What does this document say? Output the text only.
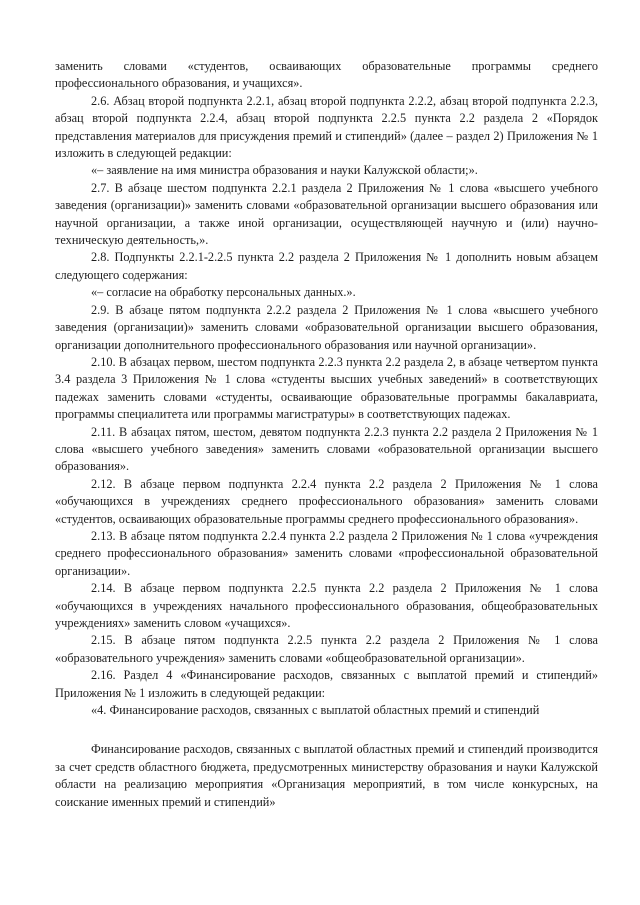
заменить словами «студентов, осваивающих образовательные программы среднего профессионального образования, и учащихся».

2.6. Абзац второй подпункта 2.2.1, абзац второй подпункта 2.2.2, абзац второй подпункта 2.2.3, абзац второй подпункта 2.2.4, абзац второй подпункта 2.2.5 пункта 2.2 раздела 2 «Порядок представления материалов для присуждения премий и стипендий» (далее – раздел 2) Приложения № 1 изложить в следующей редакции:

«– заявление на имя министра образования и науки Калужской области;».

2.7. В абзаце шестом подпункта 2.2.1 раздела 2 Приложения № 1 слова «высшего учебного заведения (организации)» заменить словами «образовательной организации высшего образования или научной организации, а также иной организации, осуществляющей научную и (или) научно-техническую деятельность,».

2.8. Подпункты 2.2.1-2.2.5 пункта 2.2 раздела 2 Приложения № 1 дополнить новым абзацем следующего содержания:

«– согласие на обработку персональных данных.».

2.9. В абзаце пятом подпункта 2.2.2 раздела 2 Приложения № 1 слова «высшего учебного заведения (организации)» заменить словами «образовательной организации высшего образования, организации дополнительного профессионального образования или научной организации».

2.10. В абзацах первом, шестом подпункта 2.2.3 пункта 2.2 раздела 2, в абзаце четвертом пункта 3.4 раздела 3 Приложения № 1 слова «студенты высших учебных заведений» в соответствующих падежах заменить словами «студенты, осваивающие образовательные программы бакалавриата, программы специалитета или программы магистратуры» в соответствующих падежах.

2.11. В абзацах пятом, шестом, девятом подпункта 2.2.3 пункта 2.2 раздела 2 Приложения № 1 слова «высшего учебного заведения» заменить словами «образовательной организации высшего образования».

2.12. В абзаце первом подпункта 2.2.4 пункта 2.2 раздела 2 Приложения № 1 слова «обучающихся в учреждениях среднего профессионального образования» заменить словами «студентов, осваивающих образовательные программы среднего профессионального образования».

2.13. В абзаце пятом подпункта 2.2.4 пункта 2.2 раздела 2 Приложения № 1 слова «учреждения среднего профессионального образования» заменить словами «профессиональной образовательной организации».

2.14. В абзаце первом подпункта 2.2.5 пункта 2.2 раздела 2 Приложения № 1 слова «обучающихся в учреждениях начального профессионального образования, общеобразовательных учреждениях» заменить словом «учащихся».

2.15. В абзаце пятом подпункта 2.2.5 пункта 2.2 раздела 2 Приложения № 1 слова «образовательного учреждения» заменить словами «общеобразовательной организации».

2.16. Раздел 4 «Финансирование расходов, связанных с выплатой премий и стипендий» Приложения № 1 изложить в следующей редакции:

«4. Финансирование расходов, связанных с выплатой областных премий и стипендий

Финансирование расходов, связанных с выплатой областных премий и стипендий производится за счет средств областного бюджета, предусмотренных министерству образования и науки Калужской области на реализацию мероприятия «Организация мероприятий, в том числе конкурсных, на соискание именных премий и стипендий»
